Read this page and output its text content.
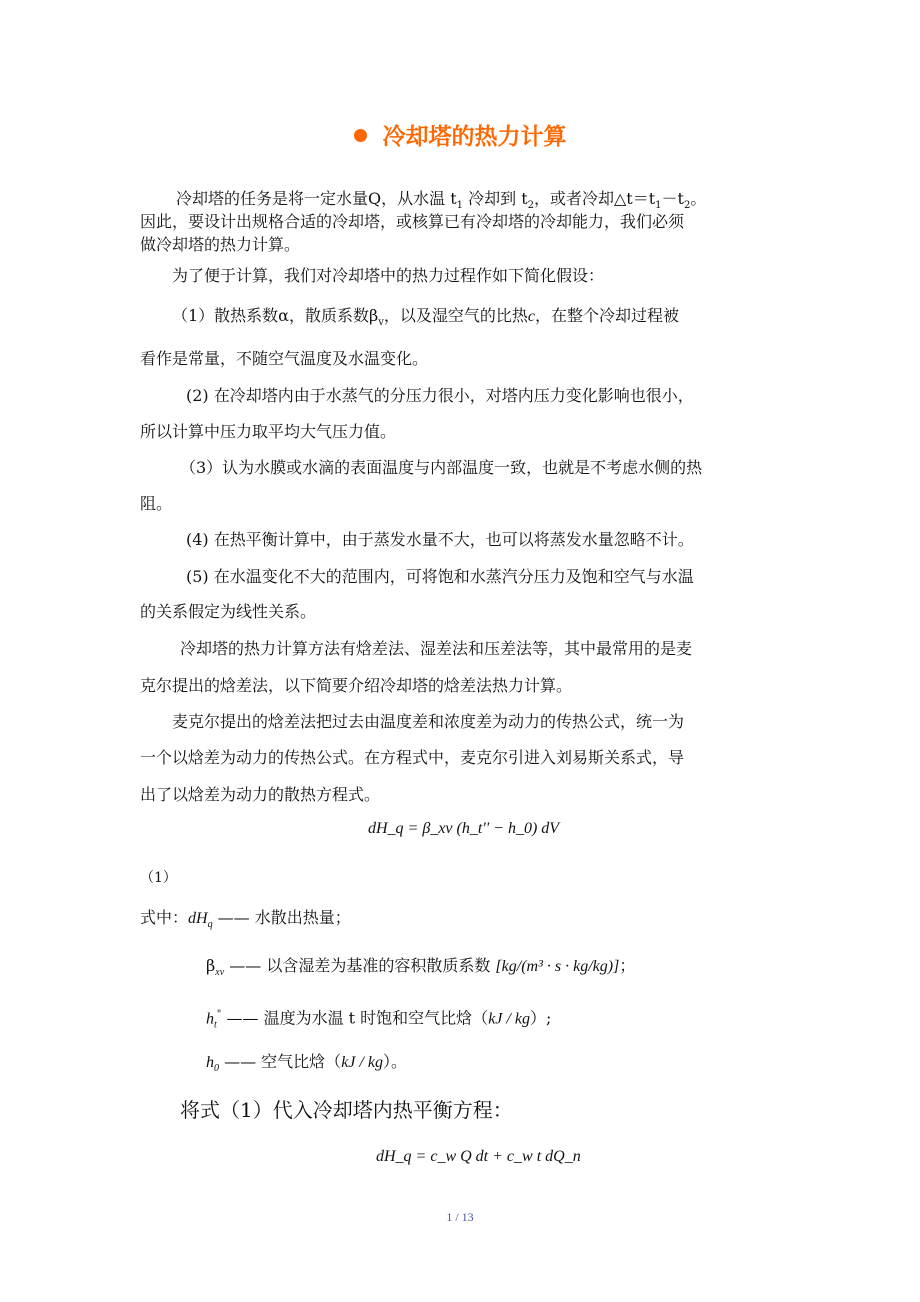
冷却塔的热力计算
冷却塔的任务是将一定水量Q，从水温 $t_1$ 冷却到 $t_2$，或者冷却$\triangle t=t_1-t_2$。
因此，要设计出规格合适的冷却塔，或核算已有冷却塔的冷却能力，我们必须
做冷却塔的热力计算。
为了便于计算，我们对冷却塔中的热力过程作如下简化假设：
（1）散热系数α，散质系数$\beta_v$，以及湿空气的比热c，在整个冷却过程被
看作是常量，不随空气温度及水温变化。
(2) 在冷却塔内由于水蒸气的分压力很小，对塔内压力变化影响也很小，
所以计算中压力取平均大气压力值。
（3）认为水膜或水滴的表面温度与内部温度一致，也就是不考虑水侧的热
阻。
(4) 在热平衡计算中，由于蒸发水量不大，也可以将蒸发水量忽略不计。
(5) 在水温变化不大的范围内，可将饱和水蒸汽分压力及饱和空气与水温
的关系假定为线性关系。
冷却塔的热力计算方法有焓差法、湿差法和压差法等，其中最常用的是麦
克尔提出的焓差法，以下简要介绍冷却塔的焓差法热力计算。
麦克尔提出的焓差法把过去由温度差和浓度差为动力的传热公式，统一为
一个以焓差为动力的传热公式。在方程式中，麦克尔引进入刘易斯关系式，导
出了以焓差为动力的散热方程式。
dH_q = β_xv (h_t'' − h_0) dV
（1）
式中：$dH_q$ —— 水散出热量；
$\beta_{xv}$ —— 以含湿差为基准的容积散质系数 [kg/(m³ · s · kg/kg)]；
$h_t^"$ —— 温度为水温 t 时饱和空气比焓（kJ / kg）;
$h_0$ —— 空气比焓（kJ / kg）。
将式（1）代入冷却塔内热平衡方程：
dH_q = c_w Q dt + c_w t dQ_n
1 / 13
